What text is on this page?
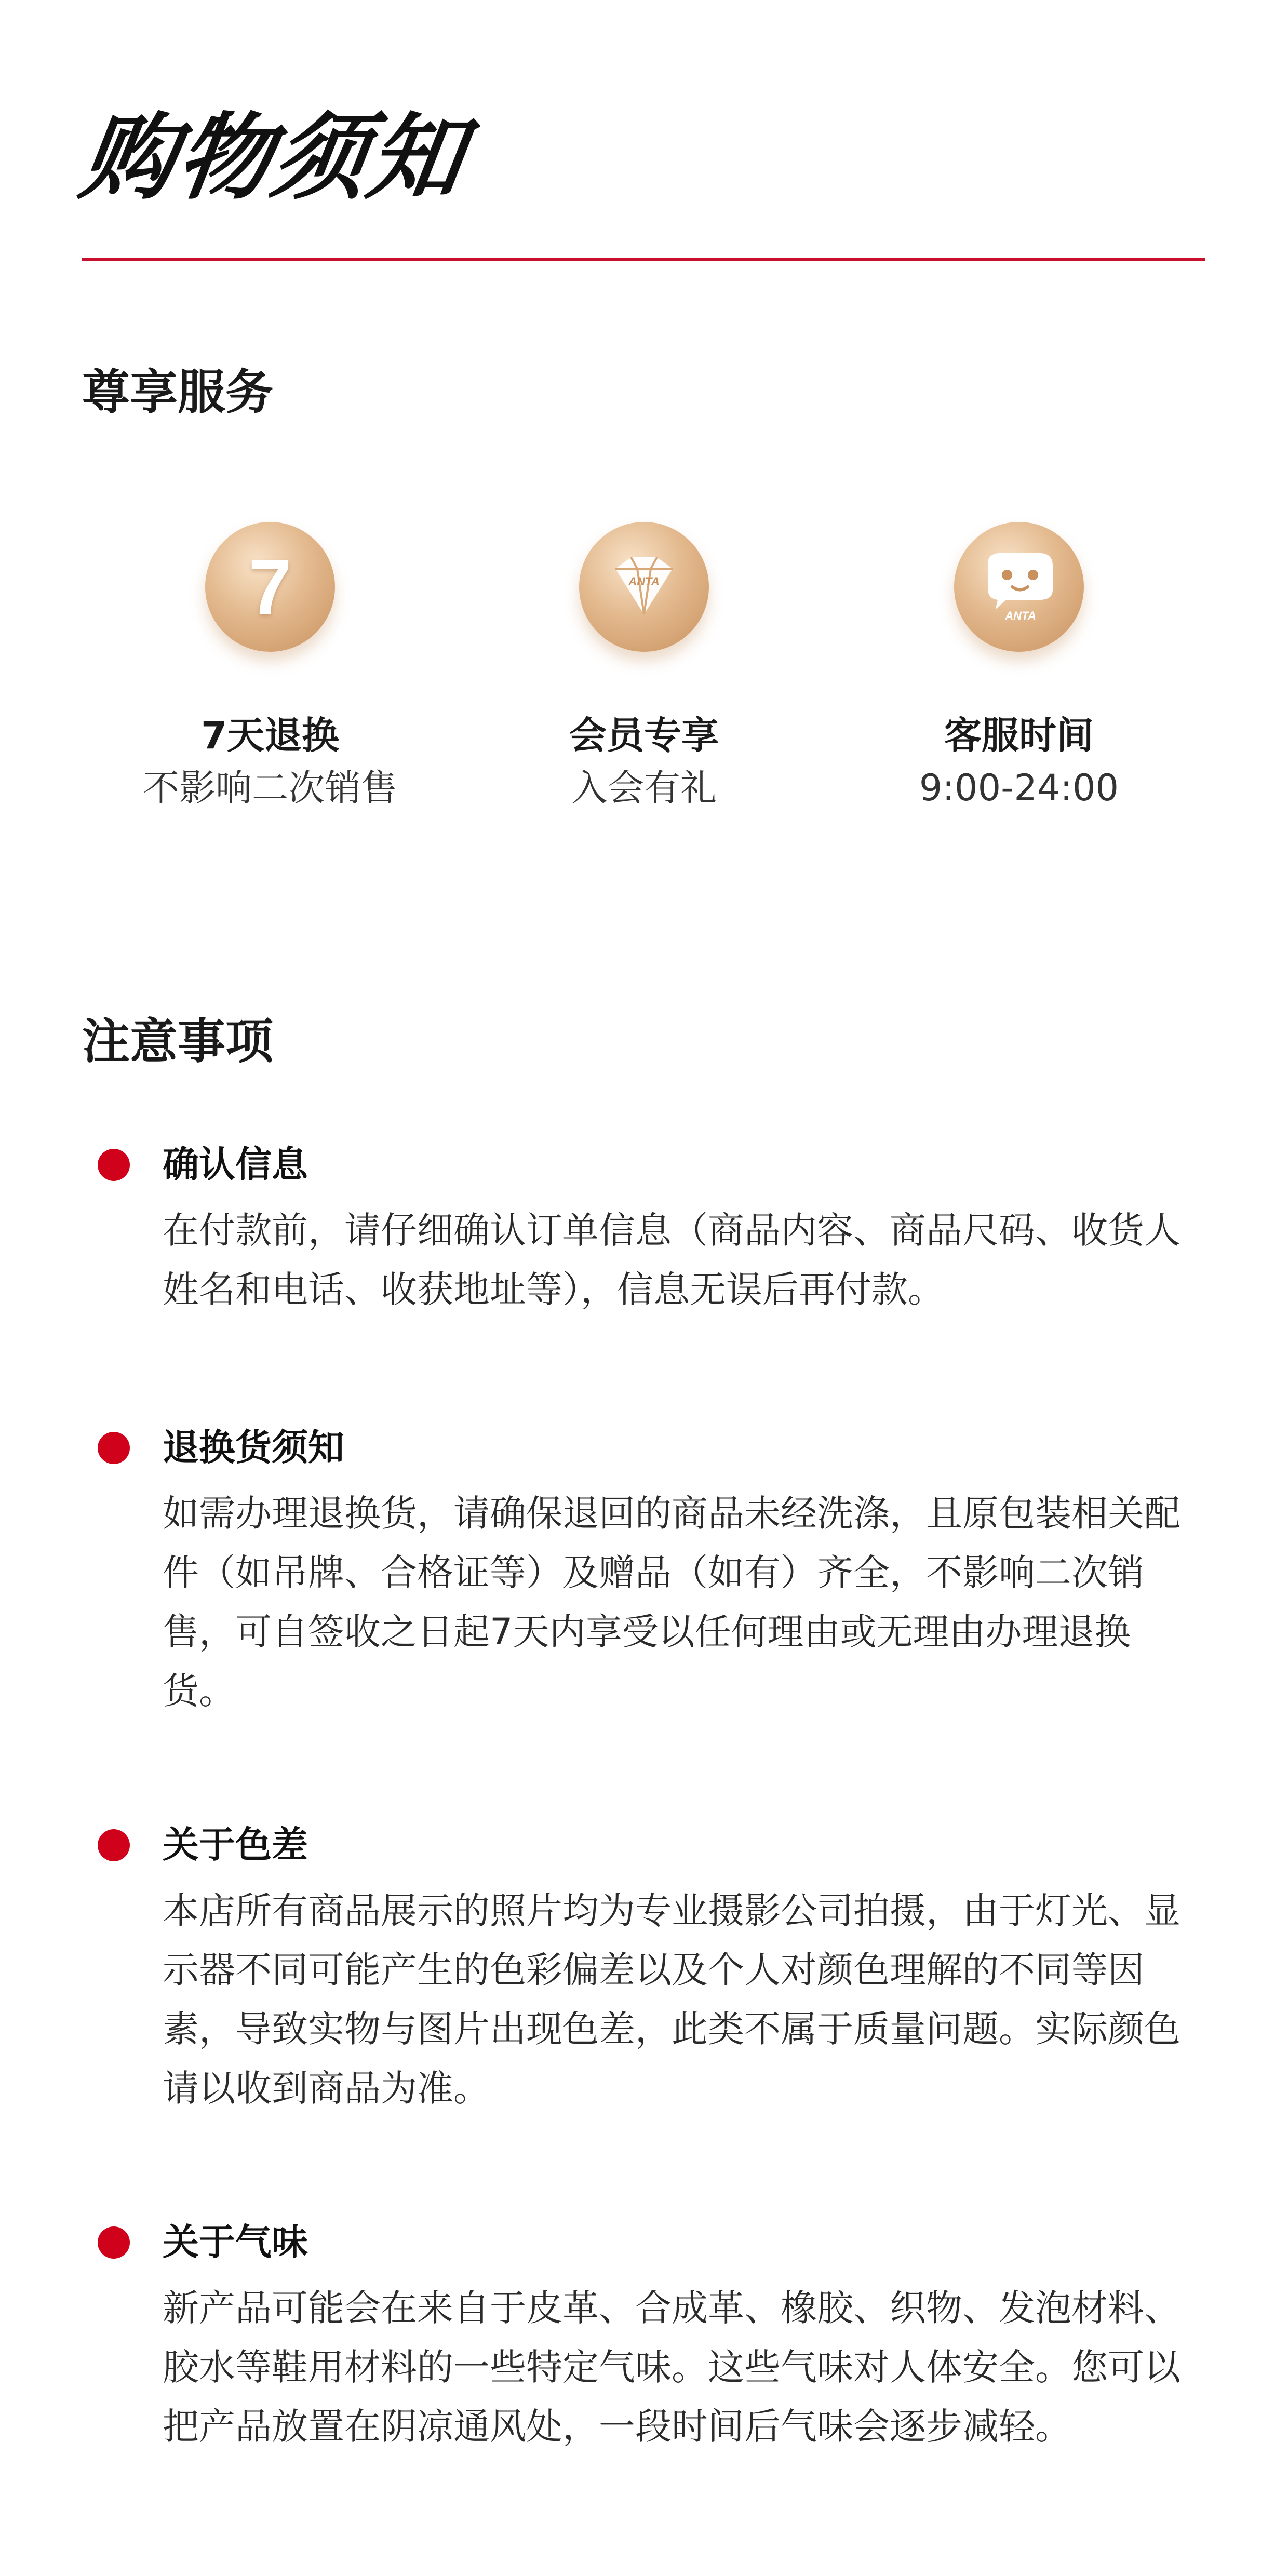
购物须知
尊享服务
7
7天退换
不影响二次销售
ANTA
会员专享
入会有礼
ANTA
客服时间
9:00-24:00
注意事项
确认信息

在付款前，请仔细确认订单信息（商品内容、商品尺码、收货人姓名和电话、收获地址等），信息无误后再付款。

退换货须知

如需办理退换货，请确保退回的商品未经洗涤，且原包装相关配件（如吊牌、合格证等）及赠品（如有）齐全，不影响二次销售，可自签收之日起7天内享受以任何理由或无理由办理退换货。

关于色差

本店所有商品展示的照片均为专业摄影公司拍摄，由于灯光、显示器不同可能产生的色彩偏差以及个人对颜色理解的不同等因素，导致实物与图片出现色差，此类不属于质量问题。实际颜色请以收到商品为准。

关于气味

新产品可能会在来自于皮革、合成革、橡胶、织物、发泡材料、胶水等鞋用材料的一些特定气味。这些气味对人体安全。您可以把产品放置在阴凉通风处，一段时间后气味会逐步减轻。
